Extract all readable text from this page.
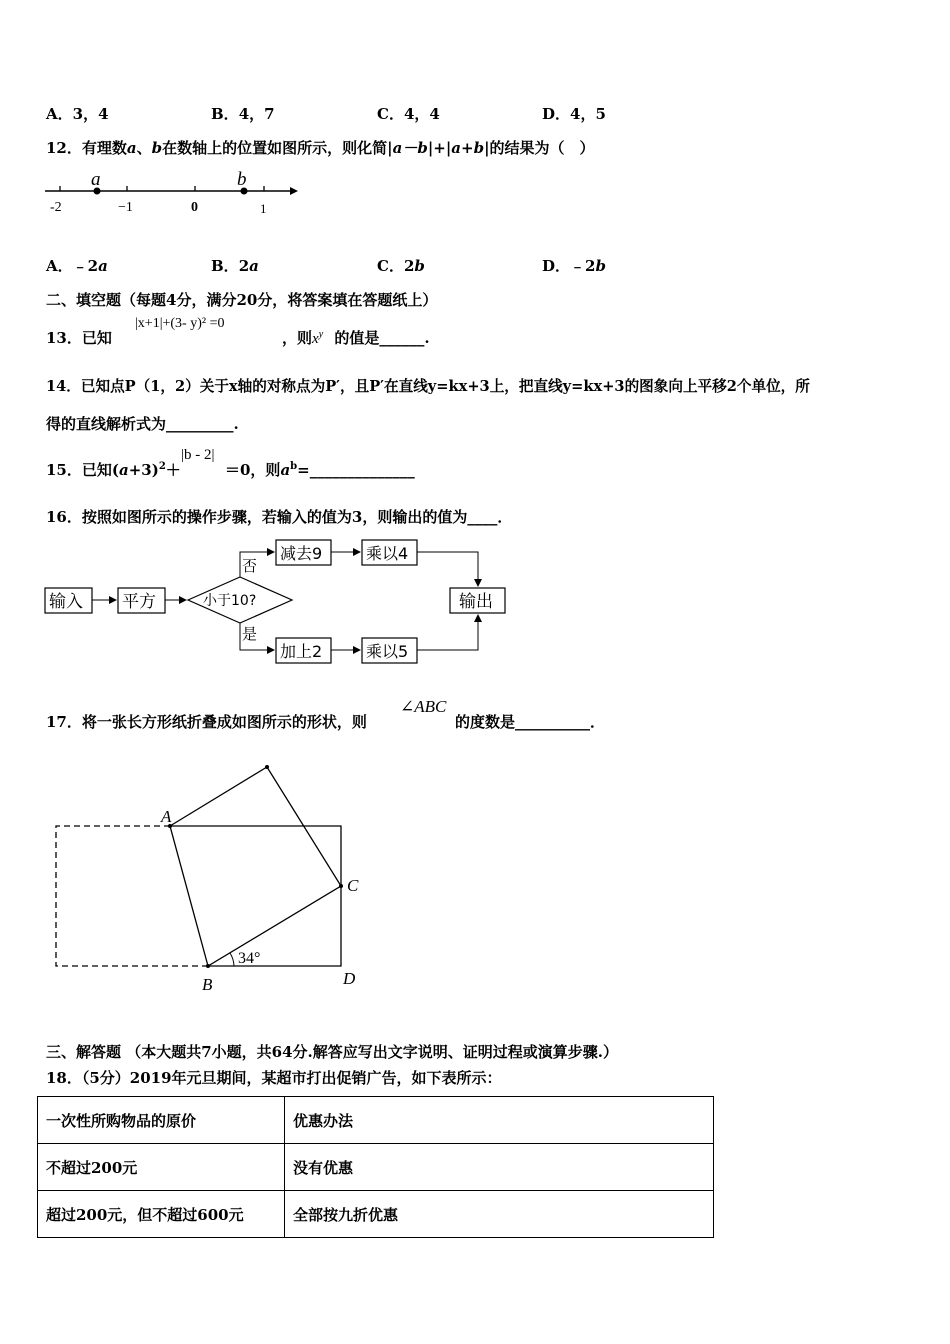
A．3，4	B．4，7	C．4，4	D．4，5
12．有理数a、b在数轴上的位置如图所示，则化简|a－b|+|a+b|的结果为（　）
a	b
-2	−1	0	1
A．﹣2a	B．2a	C．2b	D．﹣2b
二、填空题（每题4分，满分20分，将答案填在答题纸上）
13．已知
|x+1|+(3- y)² =0
，则$x^y$ 的值是______.
14．已知点P（1，2）关于x轴的对称点为P′，且P′在直线y=kx+3上，把直线y=kx+3的图象向上平移2个单位，所
得的直线解析式为_________.
15．已知$(a+3)^2+$
|b - 2|
＝0，则$a^b=\_\_\_\_\_\_\_\_\_\_\_\_\_\_$
16．按照如图所示的操作步骤，若输入的值为3，则输出的值为____．
输入 平方	小于10?
否
是
减去9	乘以4
加上2	乘以5
输出
17．将一张长方形纸折叠成如图所示的形状，则
∠ABC
的度数是__________．
A
B
C
D
34°
三、解答题 （本大题共7小题，共64分.解答应写出文字说明、证明过程或演算步骤.）
18．（5分）2019年元旦期间，某超市打出促销广告，如下表所示：
一次性所购物品的原价	优惠办法
不超过200元	没有优惠
超过200元，但不超过600元	全部按九折优惠
